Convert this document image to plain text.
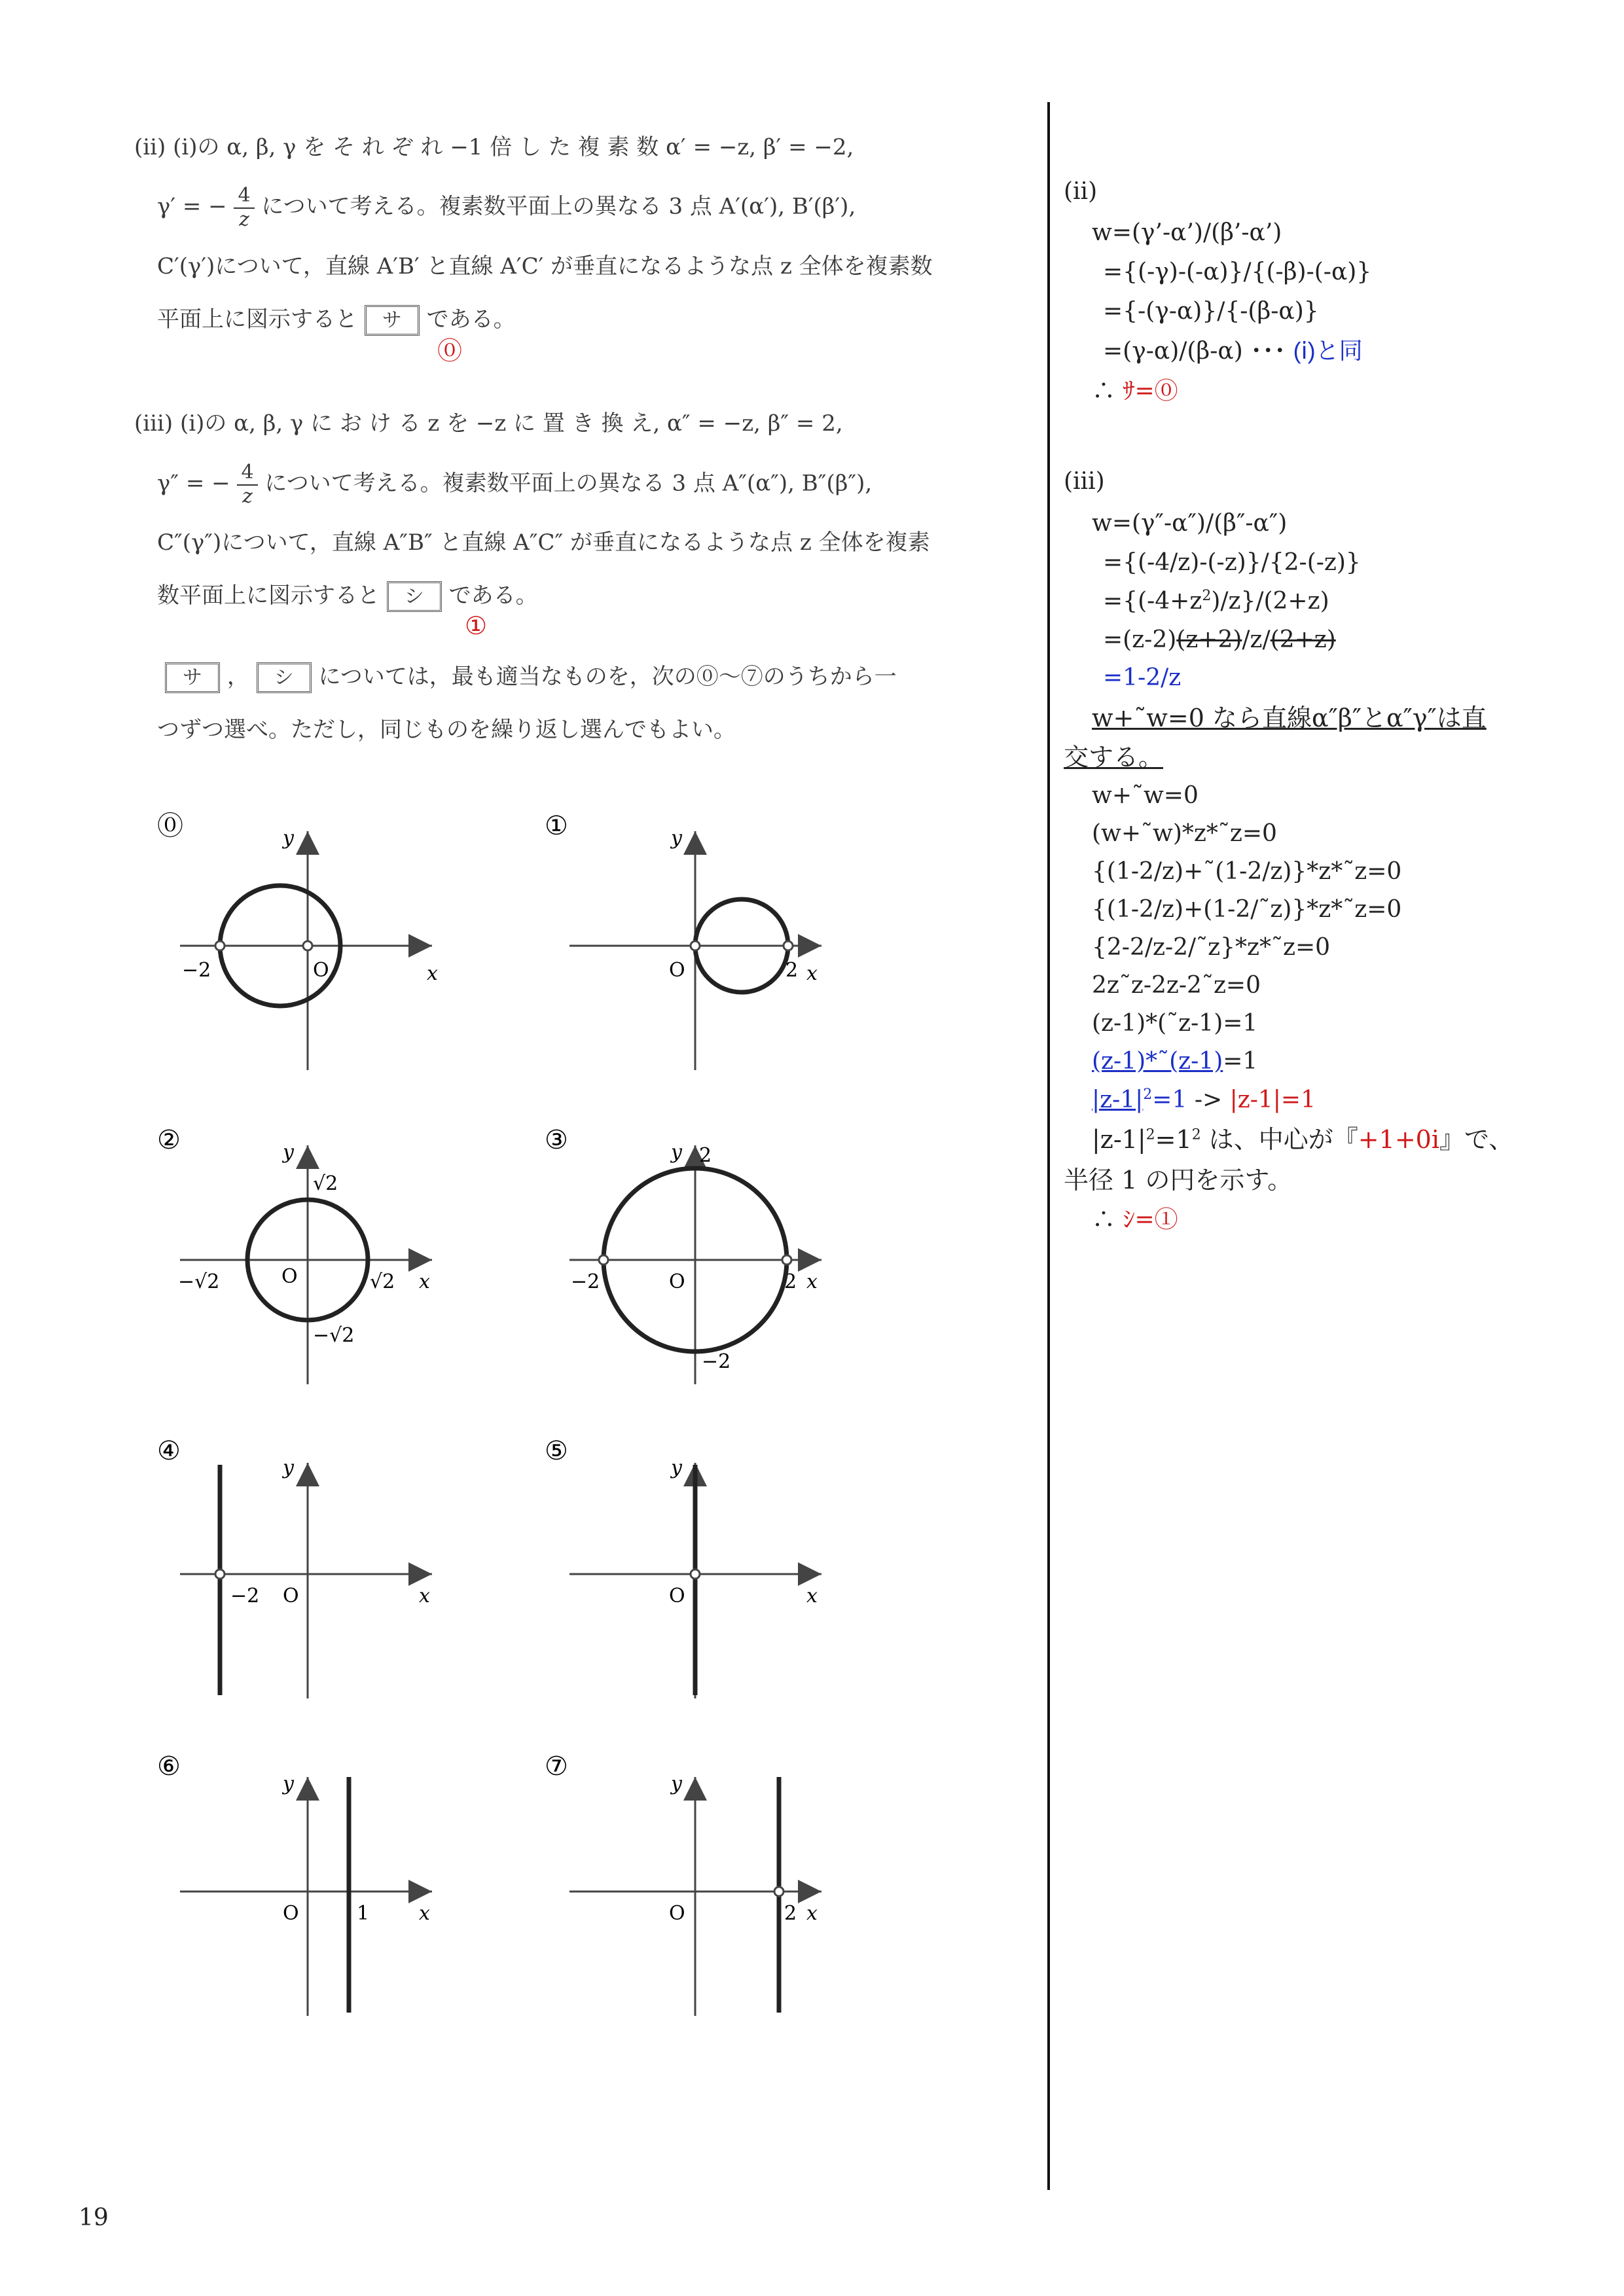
(ii) (i)の α, β, γ を そ れ ぞ れ −1 倍 し た 複 素 数 α′ = −z, β′ = −2,
γ′ = − $\frac{4}{z}$ について考える。複素数平面上の異なる 3 点 A′(α′), B′(β′),
C′(γ′)について，直線 A′B′ と直線 A′C′ が垂直になるような点 z 全体を複素数
平面上に図示すると サ である。
⓪
(iii) (i)の α, β, γ に お け る z を −z に 置 き 換 え, α″ = −z, β″ = 2,
γ″ = − $\frac{4}{z}$ について考える。複素数平面上の異なる 3 点 A″(α″), B″(β″),
C″(γ″)について，直線 A″B″ と直線 A″C″ が垂直になるような点 z 全体を複素
数平面上に図示すると シ である。
①
サ ， シ については，最も適当なものを，次の⓪〜⑦のうちから一
つずつ選べ。ただし，同じものを繰り返し選んでもよい。
⓪
x
y
O
−2
①
x
y
O	2
②
x
y
O
√2
−√2	√2
−√2
③
x
y
O
2
−2	2
−2
④
x
y
O
−2
⑤
x
y
O
⑥
x
y
O	1
⑦
x
y
O	2
19
(ⅱ)
w=(γ’-α’)/(β’-α’)
={(-γ)-(-α)}/{(-β)-(-α)}
={-(γ-α)}/{-(β-α)}
=(γ-α)/(β-α) ･･･ (ⅰ)と同
∴ ｻ=⓪
(ⅲ)
w=(γ″-α″)/(β″-α″)
={(-4/z)-(-z)}/{2-(-z)}
$=\{(-4+z^2)/z\}/(2+z)$
=(z-2)(z+2)/z/(2+z)
=1-2/z
w+˜w=0 なら直線α″β″とα″γ″は直
交する。
w+˜w=0
(w+˜w)*z*˜z=0
{(1-2/z)+˜(1-2/z)}*z*˜z=0
{(1-2/z)+(1-2/˜z)}*z*˜z=0
{2-2/z-2/˜z}*z*˜z=0
2z˜z-2z-2˜z=0
(z-1)*(˜z-1)=1
(z-1)*˜(z-1)=1
$|z-1|^2=1 -> |z-1|=1$
$|z-1|^2=1^2$ は、中心が『+1+0i』で、
半径 1 の円を示す。
∴ ｼ=①
